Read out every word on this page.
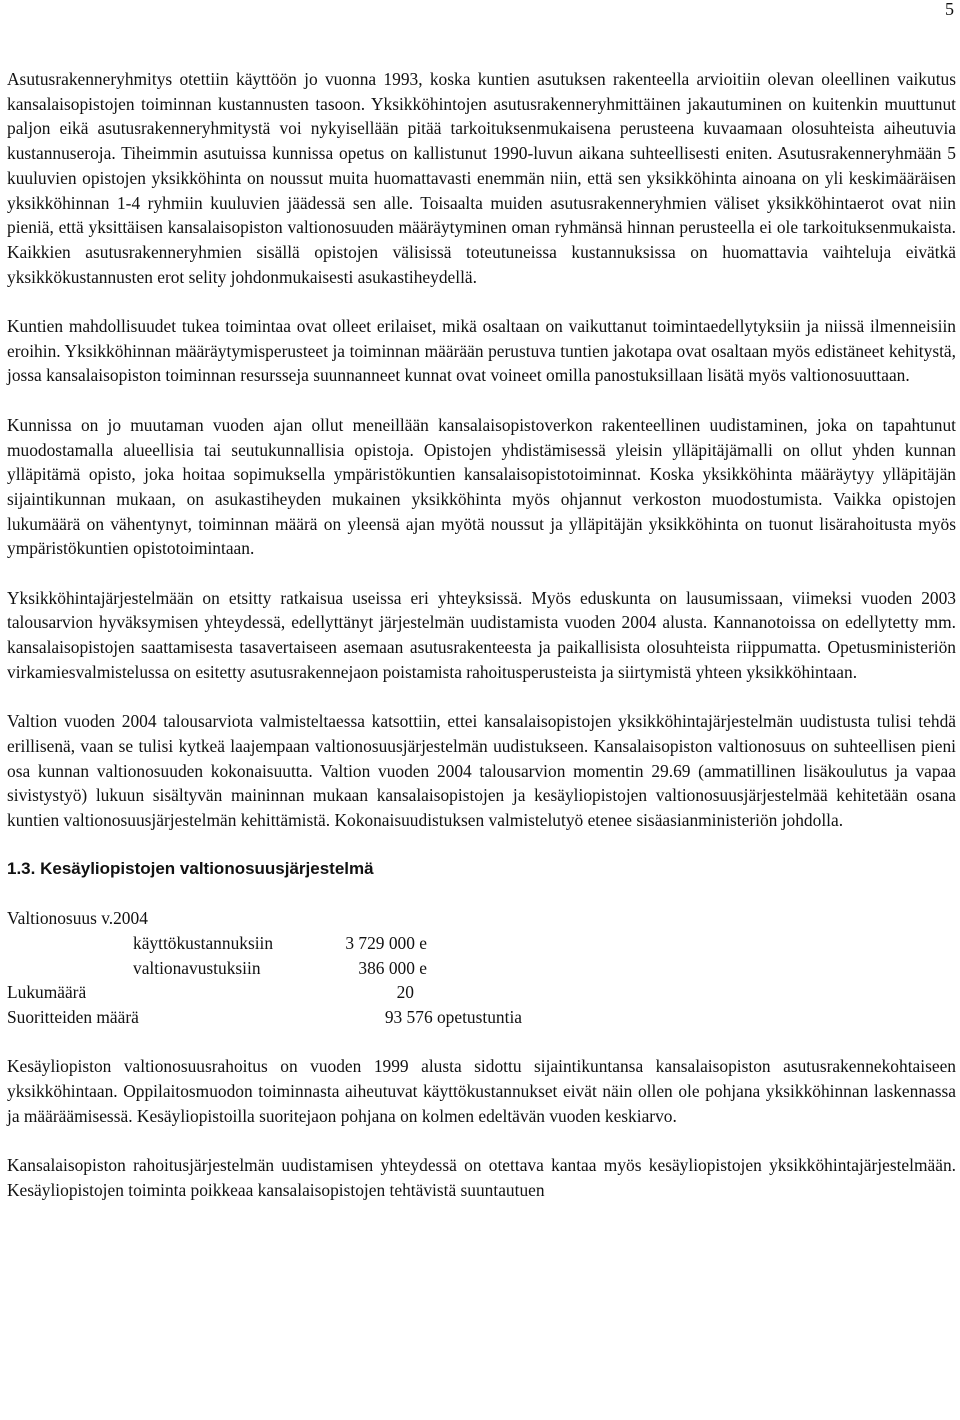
5

Asutusrakenneryhmitys otettiin käyttöön jo vuonna 1993, koska kuntien asutuksen rakenteella arvioitiin olevan oleellinen vaikutus kansalaisopistojen toiminnan kustannusten tasoon. Yksikköhintojen asutusrakenneryhmittäinen jakautuminen on kuitenkin muuttunut paljon eikä asutusrakenneryhmitystä voi nykyisellään pitää tarkoituksenmukaisena perusteena kuvaamaan olosuhteista aiheutuvia kustannuseroja. Tiheimmin asutuissa kunnissa opetus on kallistunut 1990-luvun aikana suhteellisesti eniten. Asutusrakenneryhmään 5 kuuluvien opistojen yksikköhinta on noussut muita huomattavasti enemmän niin, että sen yksikköhinta ainoana on yli keskimääräisen yksikköhinnan 1-4 ryhmiin kuuluvien jäädessä sen alle. Toisaalta muiden asutusrakenneryhmien väliset yksikköhintaerot ovat niin pieniä, että yksittäisen kansalaisopiston valtionosuuden määräytyminen oman ryhmänsä hinnan perusteella ei ole tarkoituksenmukaista. Kaikkien asutusrakenneryhmien sisällä opistojen välisissä toteutuneissa kustannuksissa on huomattavia vaihteluja eivätkä yksikkökustannusten erot selity johdonmukaisesti asukastiheydellä.

Kuntien mahdollisuudet tukea toimintaa ovat olleet erilaiset, mikä osaltaan on vaikuttanut toimintaedellytyksiin ja niissä ilmenneisiin eroihin. Yksikköhinnan määräytymisperusteet ja toiminnan määrään perustuva tuntien jakotapa ovat osaltaan myös edistäneet kehitystä, jossa kansalaisopiston toiminnan resursseja suunnanneet kunnat ovat voineet omilla panostuksillaan lisätä myös valtionosuuttaan.

Kunnissa on jo muutaman vuoden ajan ollut meneillään kansalaisopistoverkon rakenteellinen uudistaminen, joka on tapahtunut muodostamalla alueellisia tai seutukunnallisia opistoja. Opistojen yhdistämisessä yleisin ylläpitäjämalli on ollut yhden kunnan ylläpitämä opisto, joka hoitaa sopimuksella ympäristökuntien kansalaisopistotoiminnat. Koska yksikköhinta määräytyy ylläpitäjän sijaintikunnan mukaan, on asukastiheyden mukainen yksikköhinta myös ohjannut verkoston muodostumista. Vaikka opistojen lukumäärä on vähentynyt, toiminnan määrä on yleensä ajan myötä noussut ja ylläpitäjän yksikköhinta on tuonut lisärahoitusta myös ympäristökuntien opistotoimintaan.

Yksikköhintajärjestelmään on etsitty ratkaisua useissa eri yhteyksissä. Myös eduskunta on lausumissaan, viimeksi vuoden 2003 talousarvion hyväksymisen yhteydessä, edellyttänyt järjestelmän uudistamista vuoden 2004 alusta. Kannanotoissa on edellytetty mm. kansalaisopistojen saattamisesta tasavertaiseen asemaan asutusrakenteesta ja paikallisista olosuhteista riippumatta. Opetusministeriön virkamiesvalmistelussa on esitetty asutusrakennejaon poistamista rahoitusperusteista ja siirtymistä yhteen yksikköhintaan.

Valtion vuoden 2004 talousarviota valmisteltaessa katsottiin, ettei kansalaisopistojen yksikköhintajärjestelmän uudistusta tulisi tehdä erillisenä, vaan se tulisi kytkeä laajempaan valtionosuusjärjestelmän uudistukseen. Kansalaisopiston valtionosuus on suhteellisen pieni osa kunnan valtionosuuden kokonaisuutta. Valtion vuoden 2004 talousarvion momentin 29.69 (ammatillinen lisäkoulutus ja vapaa sivistystyö) lukuun sisältyvän maininnan mukaan kansalaisopistojen ja kesäyliopistojen valtionosuusjärjestelmää kehitetään osana kuntien valtionosuusjärjestelmän kehittämistä. Kokonaisuudistuksen valmistelutyö etenee sisäasianministeriön johdolla.

1.3. Kesäyliopistojen valtionosuusjärjestelmä
Valtionosuus v.2004
käyttökustannuksiin	3 729 000 e
valtionavustuksiin	386 000 e
Lukumäärä	20
Suoritteiden määrä	93 576 opetustuntia

Kesäyliopiston valtionosuusrahoitus on vuoden 1999 alusta sidottu sijaintikuntansa kansalaisopiston asutusrakennekohtaiseen yksikköhintaan. Oppilaitosmuodon toiminnasta aiheutuvat käyttökustannukset eivät näin ollen ole pohjana yksikköhinnan laskennassa ja määräämisessä. Kesäyliopistoilla suoritejaon pohjana on kolmen edeltävän vuoden keskiarvo.

Kansalaisopiston rahoitusjärjestelmän uudistamisen yhteydessä on otettava kantaa myös kesäyliopistojen yksikköhintajärjestelmään. Kesäyliopistojen toiminta poikkeaa kansalaisopistojen tehtävistä suuntautuen
